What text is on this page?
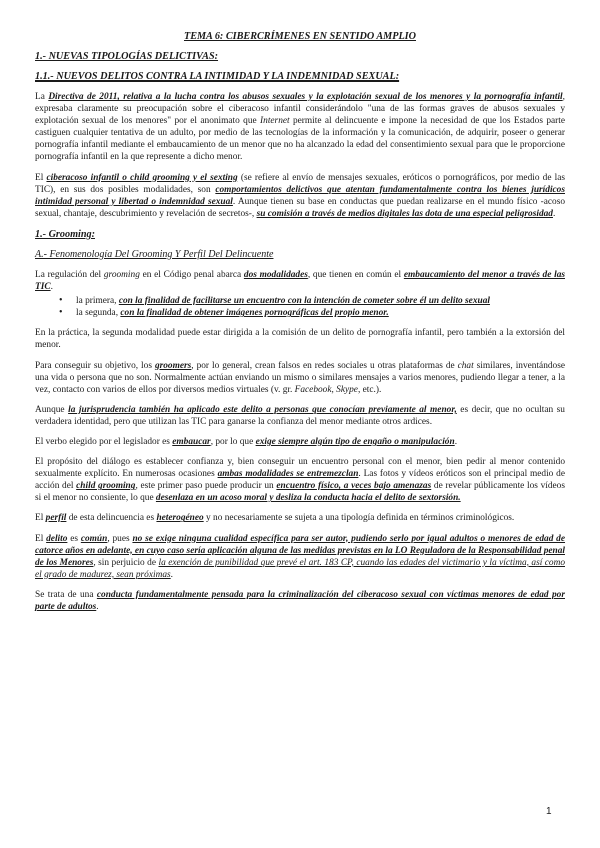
TEMA 6: CIBERCRÍMENES EN SENTIDO AMPLIO
1.- NUEVAS TIPOLOGÍAS DELICTIVAS:
1.1.- NUEVOS DELITOS CONTRA LA INTIMIDAD Y LA INDEMNIDAD SEXUAL:

La Directiva de 2011, relativa a la lucha contra los abusos sexuales y la explotación sexual de los menores y la pornografía infantil, expresaba claramente su preocupación sobre el ciberacoso infantil considerándolo "una de las formas graves de abusos sexuales y explotación sexual de los menores" por el anonimato que Internet permite al delincuente e impone la necesidad de que los Estados parte castiguen cualquier tentativa de un adulto, por medio de las tecnologías de la información y la comunicación, de adquirir, poseer o generar pornografía infantil mediante el embaucamiento de un menor que no ha alcanzado la edad del consentimiento sexual para que le proporcione pornografía infantil en la que represente a dicho menor.

El ciberacoso infantil o child grooming y el sexting (se refiere al envío de mensajes sexuales, eróticos o pornográficos, por medio de las TIC), en sus dos posibles modalidades, son comportamientos delictivos que atentan fundamentalmente contra los bienes jurídicos intimidad personal y libertad o indemnidad sexual. Aunque tienen su base en conductas que puedan realizarse en el mundo físico -acoso sexual, chantaje, descubrimiento y revelación de secretos-, su comisión a través de medios digitales las dota de una especial peligrosidad.

1.- Grooming:
A.- Fenomenología Del Grooming Y Perfil Del Delincuente

La regulación del grooming en el Código penal abarca dos modalidades, que tienen en común el embaucamiento del menor a través de las TIC.

• la primera, con la finalidad de facilitarse un encuentro con la intención de cometer sobre él un delito sexual
• la segunda, con la finalidad de obtener imágenes pornográficas del propio menor.

En la práctica, la segunda modalidad puede estar dirigida a la comisión de un delito de pornografía infantil, pero también a la extorsión del menor.

Para conseguir su objetivo, los groomers, por lo general, crean falsos en redes sociales u otras plataformas de chat similares, inventándose una vida o persona que no son. Normalmente actúan enviando un mismo o similares mensajes a varios menores, pudiendo llegar a tener, a la vez, contacto con varios de ellos por diversos medios virtuales (v. gr. Facebook, Skype, etc.).

Aunque la jurisprudencia también ha aplicado este delito a personas que conocían previamente al menor, es decir, que no ocultan su verdadera identidad, pero que utilizan las TIC para ganarse la confianza del menor mediante otros ardices.

El verbo elegido por el legislador es embaucar, por lo que exige siempre algún tipo de engaño o manipulación.

El propósito del diálogo es establecer confianza y, bien conseguir un encuentro personal con el menor, bien pedir al menor contenido sexualmente explícito. En numerosas ocasiones ambas modalidades se entremezclan. Las fotos y vídeos eróticos son el principal medio de acción del child grooming, este primer paso puede producir un encuentro físico, a veces bajo amenazas de revelar públicamente los vídeos si el menor no consiente, lo que desenlaza en un acoso moral y desliza la conducta hacia el delito de sextorsión.

El perfil de esta delincuencia es heterogéneo y no necesariamente se sujeta a una tipología definida en términos criminológicos.

El delito es común, pues no se exige ninguna cualidad específica para ser autor, pudiendo serlo por igual adultos o menores de edad de catorce años en adelante, en cuyo caso sería aplicación alguna de las medidas previstas en la LO Reguladora de la Responsabilidad penal de los Menores, sin perjuicio de la exención de punibilidad que prevé el art. 183 CP, cuando las edades del victimario y la víctima, así como el grado de madurez, sean próximas.

Se trata de una conducta fundamentalmente pensada para la criminalización del ciberacoso sexual con víctimas menores de edad por parte de adultos.

1
